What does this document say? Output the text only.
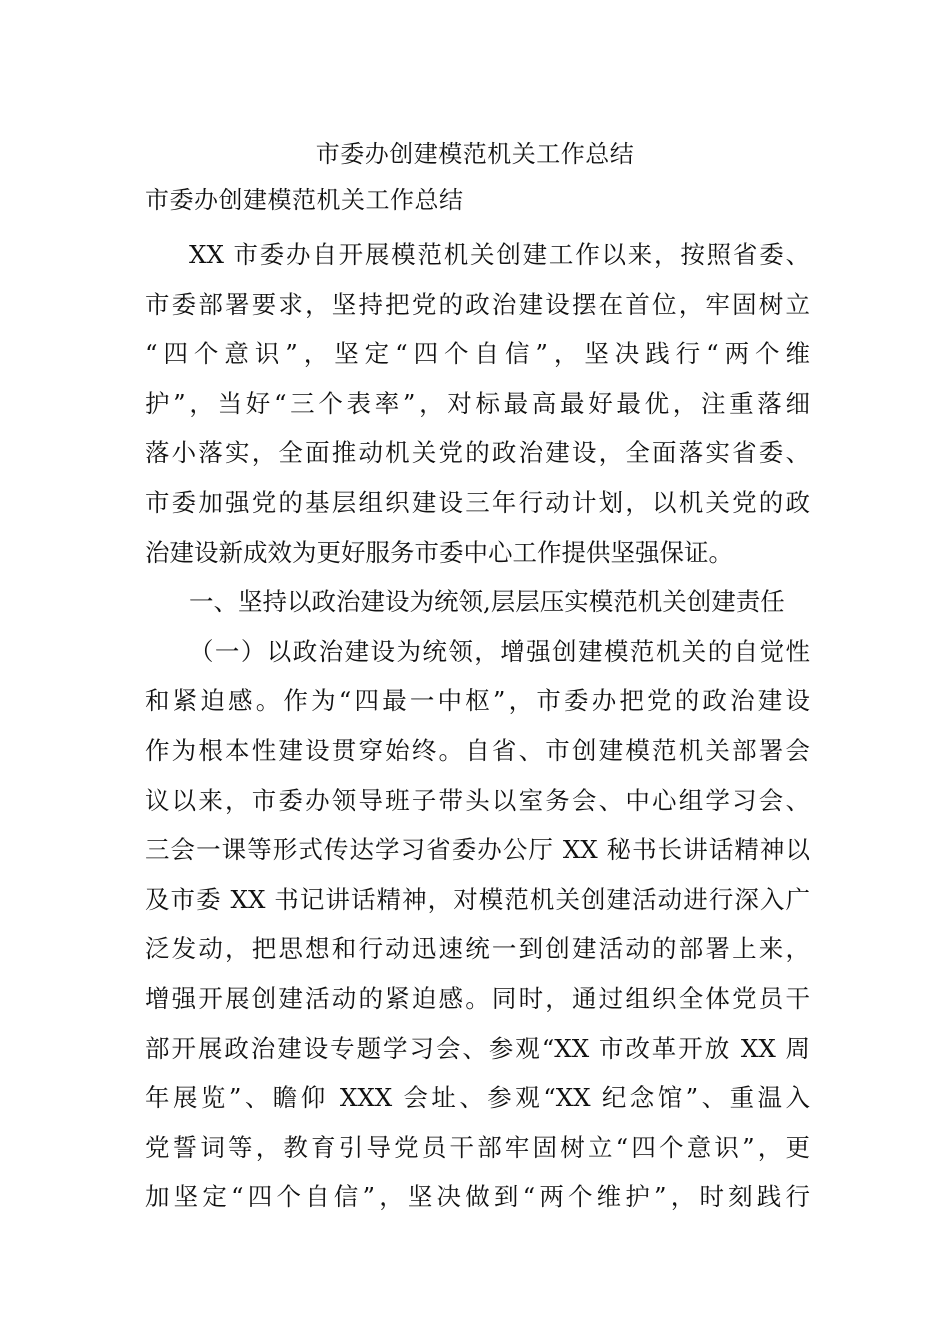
市委办创建模范机关工作总结
市委办创建模范机关工作总结
XX 市委办自开展模范机关创建工作以来，按照省委、
市委部署要求，坚持把党的政治建设摆在首位，牢固树立
“四个意识”，坚定“四个自信”，坚决践行“两个维
护”，当好“三个表率”，对标最高最好最优，注重落细
落小落实，全面推动机关党的政治建设，全面落实省委、
市委加强党的基层组织建设三年行动计划，以机关党的政
治建设新成效为更好服务市委中心工作提供坚强保证。
一、坚持以政治建设为统领,层层压实模范机关创建责任
（一）以政治建设为统领，增强创建模范机关的自觉性
和紧迫感。作为“四最一中枢”，市委办把党的政治建设
作为根本性建设贯穿始终。自省、市创建模范机关部署会
议以来，市委办领导班子带头以室务会、中心组学习会、
三会一课等形式传达学习省委办公厅 XX 秘书长讲话精神以
及市委 XX 书记讲话精神，对模范机关创建活动进行深入广
泛发动，把思想和行动迅速统一到创建活动的部署上来，
增强开展创建活动的紧迫感。同时，通过组织全体党员干
部开展政治建设专题学习会、参观“XX 市改革开放 XX 周
年展览”、瞻仰 XXX 会址、参观“XX 纪念馆”、重温入
党誓词等，教育引导党员干部牢固树立“四个意识”，更
加坚定“四个自信”，坚决做到“两个维护”，时刻践行
